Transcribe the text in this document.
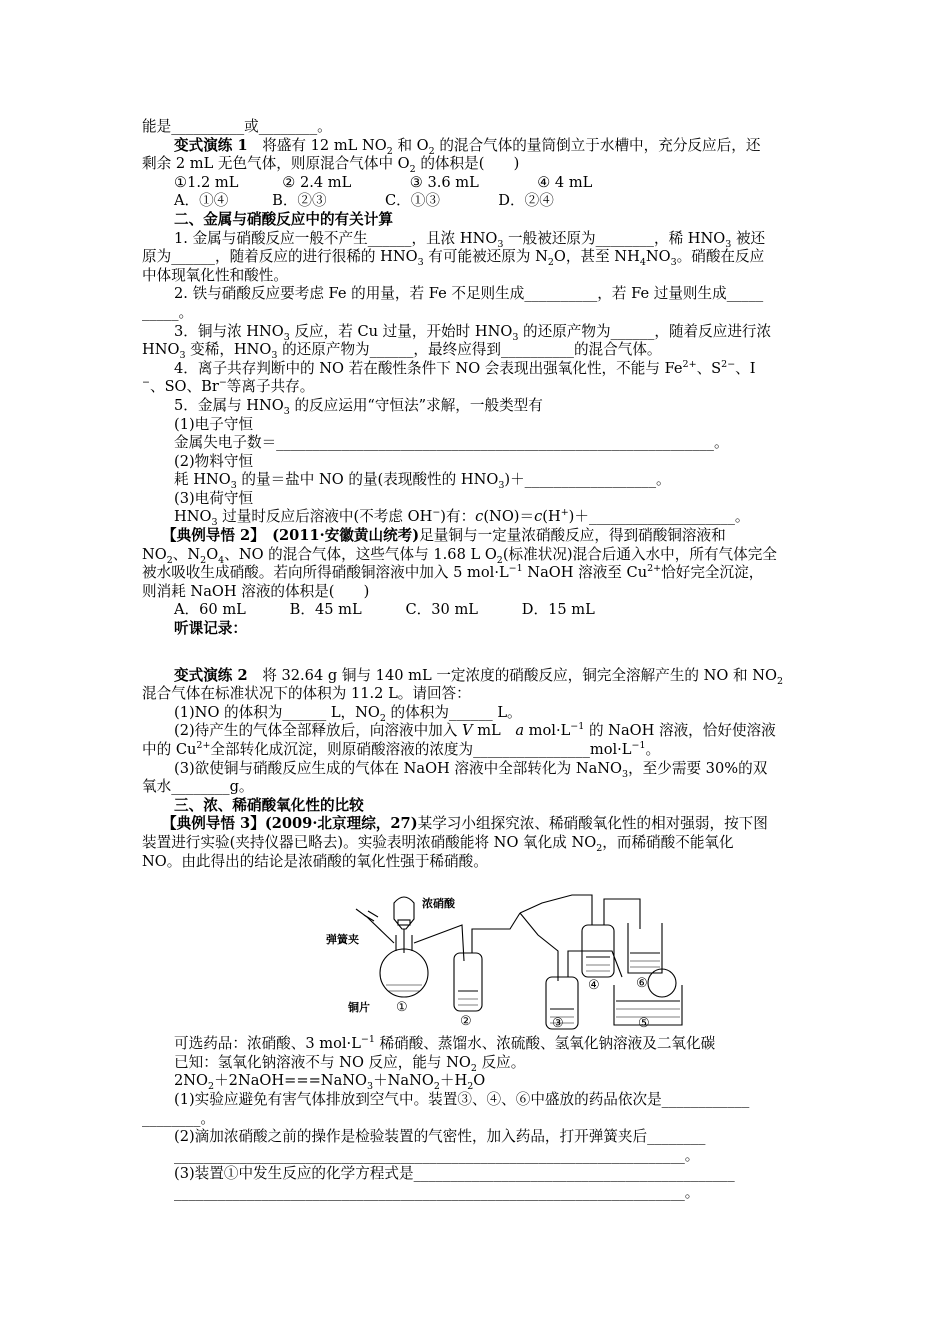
能是__________或________。
变式演练 1　将盛有 12 mL $NO_2$ 和 $O_2$ 的混合气体的量筒倒立于水槽中，充分反应后，还
剩余 2 mL 无色气体，则原混合气体中 $O_2$ 的体积是(　　)
①1.2 mL　　　② 2.4 mL　　　　③ 3.6 mL　　　　④ 4 mL
A．①④　　　B．②③　　　　C．①③　　　　D．②④
二、金属与硝酸反应中的有关计算
1. 金属与硝酸反应一般不产生______，且浓 $HNO_3$ 一般被还原为________，稀 $HNO_3$ 被还
原为______，随着反应的进行很稀的 $HNO_3$ 有可能被还原为 $N_2O$，甚至 $NH_4NO_3$。硝酸在反应
中体现氧化性和酸性。
2. 铁与硝酸反应要考虑 Fe 的用量，若 Fe 不足则生成__________，若 Fe 过量则生成_____
_____。
3．铜与浓 $HNO_3$ 反应，若 Cu 过量，开始时 $HNO_3$ 的还原产物为______，随着反应进行浓
$HNO_3$ 变稀，$HNO_3$ 的还原产物为______，最终应得到__________的混合气体。
4．离子共存判断中的 NO 若在酸性条件下 NO 会表现出强氧化性，不能与 $Fe^{2+}$、$S^{2-}$、I
−、SO、Br−等离子共存。
5．金属与 $HNO_3$ 的反应运用“守恒法”求解，一般类型有
(1)电子守恒
金属失电子数＝____________________________________________________________。
(2)物料守恒
耗 $HNO_3$ 的量＝盐中 NO 的量(表现酸性的 $HNO_3)+\_\_\_\_\_\_\_\_\_\_\_\_\_\_\_\_\_\_$。
(3)电荷守恒
$HNO_3$ 过量时反应后溶液中(不考虑 OH−)有：c(NO)＝c(H+)＋____________________。
【典例导悟 2】　 (2011·安徽黄山统考)足量铜与一定量浓硝酸反应，得到硝酸铜溶液和
$NO_2$、$N_2O_4$、NO 的混合气体，这些气体与 1.68 L $O_2$(标准状况)混合后通入水中，所有气体完全
被水吸收生成硝酸。若向所得硝酸铜溶液中加入 5 $mol\cdot L^{-1}$ NaOH 溶液至 $Cu^{2+}$恰好完全沉淀，
则消耗 NaOH 溶液的体积是(　　)
A．60 mL　　　B．45 mL　　　C．30 mL　　　D．15 mL
听课记录：
变式演练 2　将 32.64 g 铜与 140 mL 一定浓度的硝酸反应，铜完全溶解产生的 NO 和 $NO_2$
混合气体在标准状况下的体积为 11.2 L。请回答：
(1)NO 的体积为______ L，$NO_2$ 的体积为______ L。
(2)待产生的气体全部释放后，向溶液中加入 V mL　a $mol\cdot L^{-1}$ 的 NaOH 溶液，恰好使溶液
中的 $Cu^{2+}$全部转化成沉淀，则原硝酸溶液的浓度为$\_\_\_\_\_\_\_\_\_\_\_\_\_\_\_\_mol\cdot L^{-1}$。
(3)欲使铜与硝酸反应生成的气体在 NaOH 溶液中全部转化为 NaNO$_3$，至少需要 30%的双
氧水________g。
三、浓、稀硝酸氧化性的比较
【典例导悟 3】(2009·北京理综，27)某学习小组探究浓、稀硝酸氧化性的相对强弱，按下图
装置进行实验(夹持仪器已略去)。实验表明浓硝酸能将 NO 氧化成 $NO_2$，而稀硝酸不能氧化
NO。由此得出的结论是浓硝酸的氧化性强于稀硝酸。
浓硝酸
弹簧夹
铜片 ①
②	③
④
⑤
⑥
可选药品：浓硝酸、3 $mol\cdot L^{-1}$ 稀硝酸、蒸馏水、浓硫酸、氢氧化钠溶液及二氧化碳
已知：氢氧化钠溶液不与 NO 反应，能与 $NO_2$ 反应。
$2NO_2+2NaOH===NaNO_3+NaNO_2+H_2O$
(1)实验应避免有害气体排放到空气中。装置③、④、⑥中盛放的药品依次是____________
________。
(2)滴加浓硝酸之前的操作是检验装置的气密性，加入药品，打开弹簧夹后________
______________________________________________________________________。
(3)装置①中发生反应的化学方程式是____________________________________________
______________________________________________________________________。
